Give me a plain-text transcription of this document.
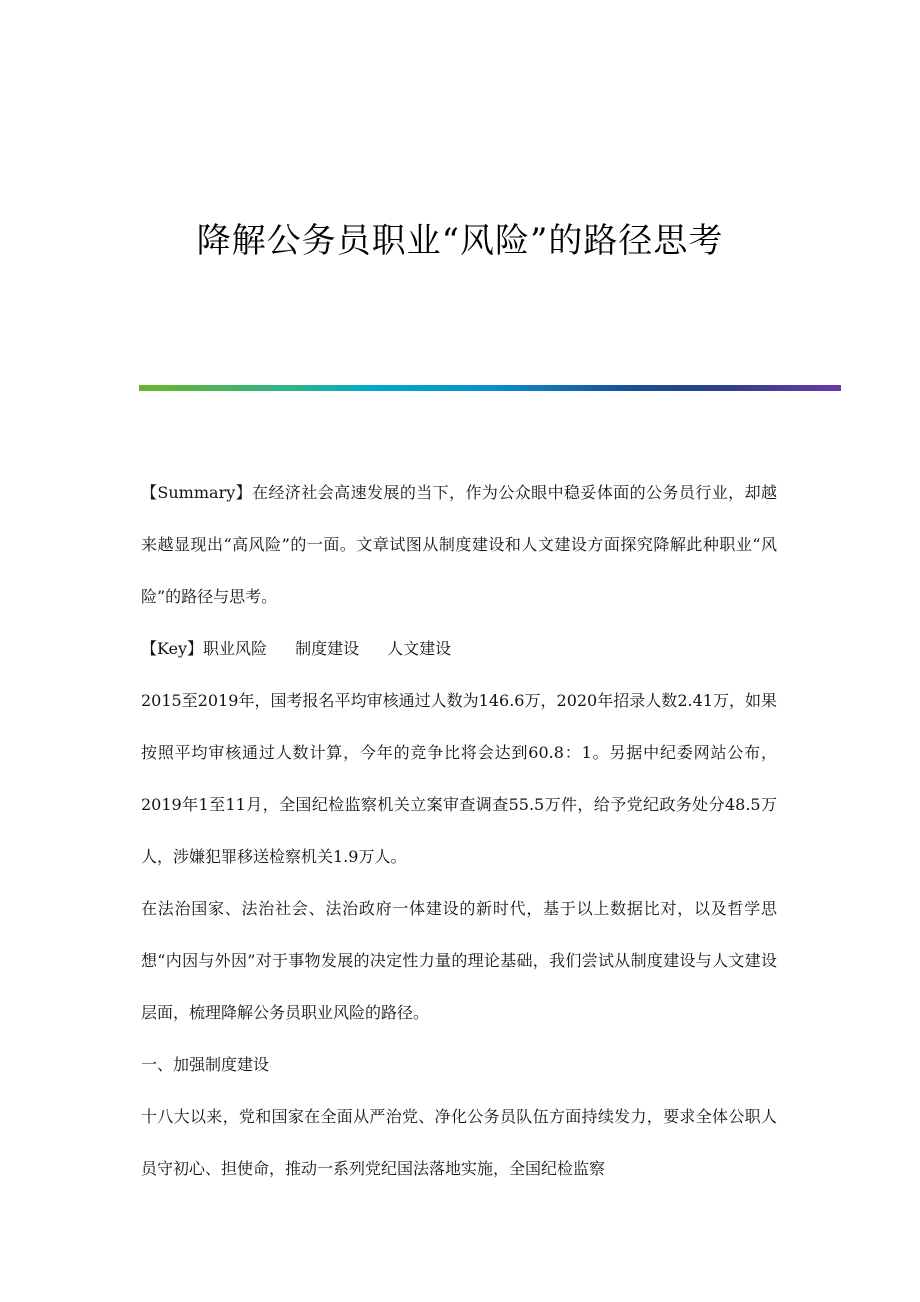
降解公务员职业“风险”的路径思考

【Summary】在经济社会高速发展的当下，作为公众眼中稳妥体面的公务员行业，却越来越显现出“高风险”的一面。文章试图从制度建设和人文建设方面探究降解此种职业“风险”的路径与思考。

【Key】职业风险 制度建设 人文建设

2015至2019年，国考报名平均审核通过人数为146.6万，2020年招录人数2.41万，如果按照平均审核通过人数计算，今年的竞争比将会达到60.8：1。另据中纪委网站公布，2019年1至11月，全国纪检监察机关立案审查调查55.5万件，给予党纪政务处分48.5万人，涉嫌犯罪移送检察机关1.9万人。

在法治国家、法治社会、法治政府一体建设的新时代，基于以上数据比对，以及哲学思想“内因与外因”对于事物发展的决定性力量的理论基础，我们尝试从制度建设与人文建设层面，梳理降解公务员职业风险的路径。

一、加强制度建设

十八大以来，党和国家在全面从严治党、净化公务员队伍方面持续发力，要求全体公职人员守初心、担使命，推动一系列党纪国法落地实施，全国纪检监察
